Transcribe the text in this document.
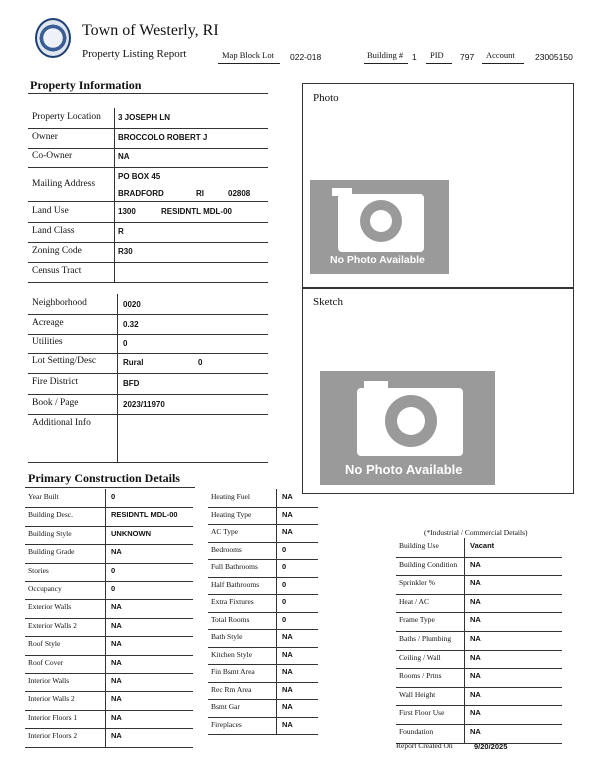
Town of Westerly, RI
Property Listing Report	Map Block Lot 022-018	Building # 1 PID 797 Account 23005150
Property Information
Property Location 3 JOSEPH LN
Owner	BROCCOLO ROBERT J
Co-Owner	NA
Mailing Address
PO BOX 45
BRADFORD	RI	02808
Land Use	1300	RESIDNTL MDL-00
Land Class	R
Zoning Code	R30
Census Tract
Neighborhood	0020
Acreage	0.32
Utilities	0
Lot Setting/Desc	Rural	0
Fire District	BFD
Book / Page	2023/11970
Additional Info
Photo
No Photo Available
Sketch
No Photo Available
Primary Construction Details
Year Built	0
Building Desc.	RESIDNTL MDL-00
Building Style	UNKNOWN
Building Grade	NA
Stories	0
Occupancy	0
Exterior Walls	NA
Exterior Walls 2	NA
Roof Style	NA
Roof Cover	NA
Interior Walls	NA
Interior Walls 2	NA
Interior Floors 1	NA
Interior Floors 2	NA
Heating Fuel	NA
Heating Type	NA
AC Type	NA
Bedrooms	0
Full Bathrooms	0
Half Bathrooms	0
Extra Fixtures	0
Total Rooms	0
Bath Style	NA
Kitchen Style	NA
Fin Bsmt Area	NA
Rec Rm Area	NA
Bsmt Gar	NA
Fireplaces	NA
(*Industrial / Commercial Details)
Building Use	Vacant
Building Condition NA
Sprinkler %	NA
Heat / AC	NA
Frame Type	NA
Baths / Plumbing	NA
Ceiling / Wall	NA
Rooms / Prtns	NA
Wall Height	NA
First Floor Use	NA
Foundation	NA
Report Created On	9/20/2025
